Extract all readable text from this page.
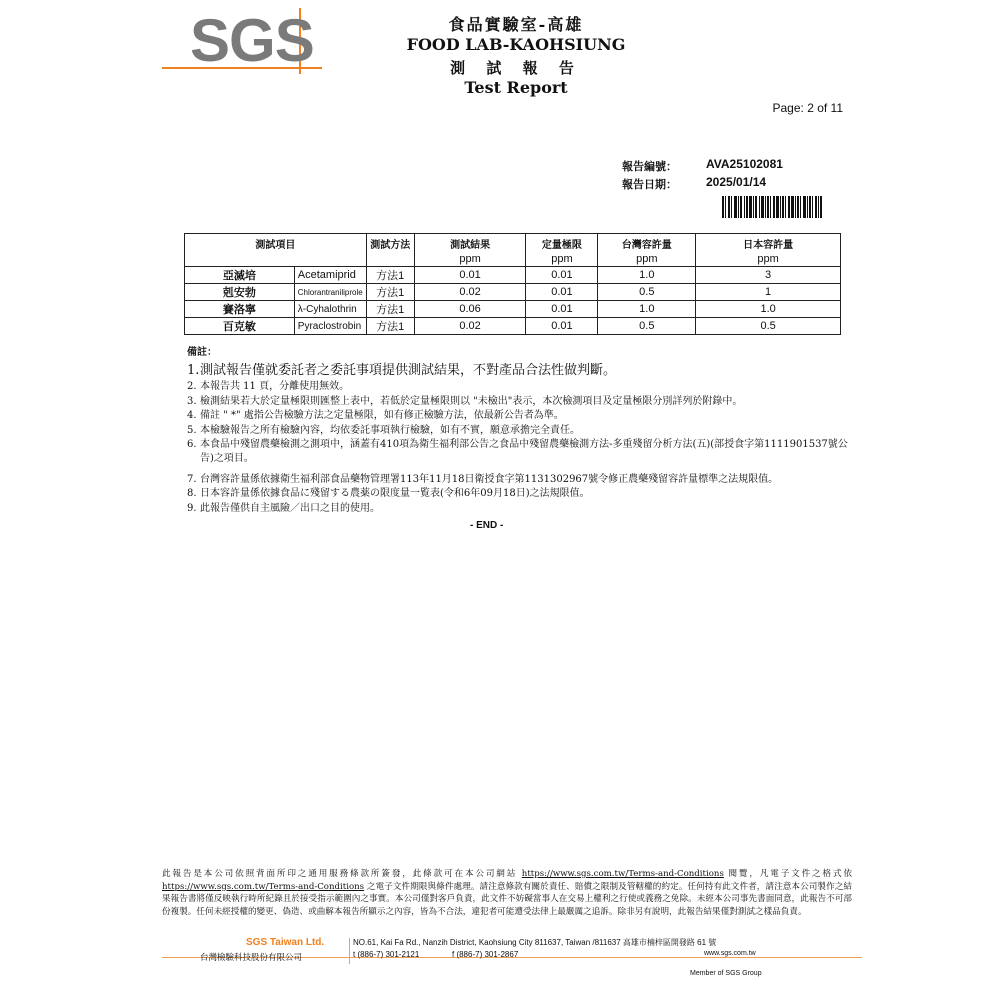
SGS	食品實驗室-高雄
FOOD LAB-KAOHSIUNG
測 試 報 告
Test Report
Page: 2 of 11
報告編號： AVA25102081
報告日期： 2025/01/14
測試項目		測試方法	測試結果	定量極限	台灣容許量	日本容許量
			ppm	ppm	ppm	ppm
亞滅培	Acetamiprid	方法1	0.01	0.01	1.0	3
剋安勃	Chlorantraniliprole	方法1	0.02	0.01	0.5	1
賽洛寧	λ-Cyhalothrin	方法1	0.06	0.01	1.0	1.0
百克敏	Pyraclostrobin	方法1	0.02	0.01	0.5	0.5
備註：
1. 測試報告僅就委託者之委託事項提供測試結果，不對產品合法性做判斷。
2. 本報告共 11 頁，分離使用無效。
3. 檢測結果若大於定量極限則匯整上表中，若低於定量極限則以 "未檢出"表示，本次檢測項目及定量極限分別詳列於附錄中。
4. 備註 " *" 處指公告檢驗方法之定量極限，如有修正檢驗方法，依最新公告者為準。
5. 本檢驗報告之所有檢驗內容，均依委託事項執行檢驗，如有不實，願意承擔完全責任。
6. 本食品中殘留農藥檢測之測項中，涵蓋有410項為衛生福利部公告之食品中殘留農藥檢測方法-多重殘留分析方法(五)(部授食字第1111901537號公告)之項目。
7. 台灣容許量係依據衛生福利部食品藥物管理署113年11月18日衛授食字第1131302967號令修正農藥殘留容許量標準之法規限值。
8. 日本容許量係依據食品に殘留する農薬の限度量一覧表(令和6年09月18日)之法規限值。
9. 此報告僅供自主風險／出口之目的使用。
- END -
此報告是本公司依照背面所印之通用服務條款所簽發，此條款可在本公司網站 https://www.sgs.com.tw/Terms-and-Conditions 閱覽，凡電子文件之格式依 https://www.sgs.com.tw/Terms-and-Conditions 之電子文件期限與條件處理。請注意條款有關於責任、賠償之限制及管轄權的約定。任何持有此文件者，請注意本公司製作之結果報告書將僅反映執行時所紀錄且於接受指示範圍內之事實。本公司僅對客戶負責，此文件不妨礙當事人在交易上權利之行使或義務之免除。未經本公司事先書面同意，此報告不可部份複製。任何未經授權的變更、偽造、或曲解本報告所顯示之內容，皆為不合法，違犯者可能遭受法律上最嚴厲之追訴。除非另有說明，此報告結果僅對測試之樣品負責。
SGS Taiwan Ltd.
台灣檢驗科技股份有限公司
NO.61, Kai Fa Rd., Nanzih District, Kaohsiung City 811637, Taiwan /811637 高雄市楠梓區開發路 61 號
t (886-7) 301-2121	f (886-7) 301-2867	www.sgs.com.tw
Member of SGS Group
